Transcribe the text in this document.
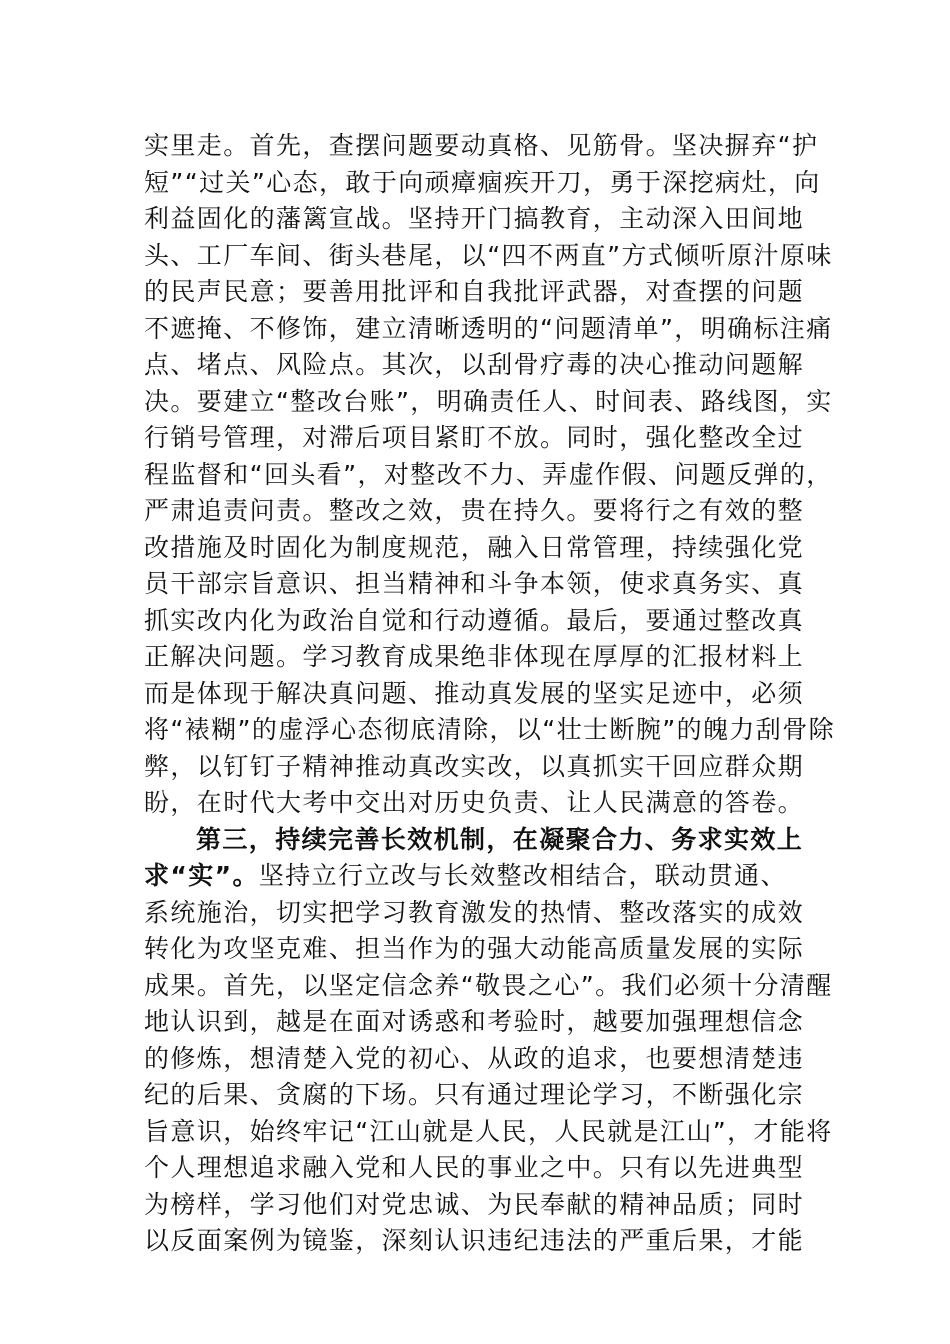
实里走。首先，查摆问题要动真格、见筋骨。坚决摒弃“护
短”“过关”心态，敢于向顽瘴痼疾开刀，勇于深挖病灶，向
利益固化的藩篱宣战。坚持开门搞教育，主动深入田间地
头、工厂车间、街头巷尾，以“四不两直”方式倾听原汁原味
的民声民意；要善用批评和自我批评武器，对查摆的问题
不遮掩、不修饰，建立清晰透明的“问题清单”，明确标注痛
点、堵点、风险点。其次，以刮骨疗毒的决心推动问题解
决。要建立“整改台账”，明确责任人、时间表、路线图，实
行销号管理，对滞后项目紧盯不放。同时，强化整改全过
程监督和“回头看”，对整改不力、弄虚作假、问题反弹的，
严肃追责问责。整改之效，贵在持久。要将行之有效的整
改措施及时固化为制度规范，融入日常管理，持续强化党
员干部宗旨意识、担当精神和斗争本领，使求真务实、真
抓实改内化为政治自觉和行动遵循。最后，要通过整改真
正解决问题。学习教育成果绝非体现在厚厚的汇报材料上
而是体现于解决真问题、推动真发展的坚实足迹中，必须
将“裱糊”的虚浮心态彻底清除，以“壮士断腕”的魄力刮骨除
弊，以钉钉子精神推动真改实改，以真抓实干回应群众期
盼，在时代大考中交出对历史负责、让人民满意的答卷。
第三，持续完善长效机制，在凝聚合力、务求实效上
求“实”。坚持立行立改与长效整改相结合，联动贯通、
系统施治，切实把学习教育激发的热情、整改落实的成效
转化为攻坚克难、担当作为的强大动能高质量发展的实际
成果。首先，以坚定信念养“敬畏之心”。我们必须十分清醒
地认识到，越是在面对诱惑和考验时，越要加强理想信念
的修炼，想清楚入党的初心、从政的追求，也要想清楚违
纪的后果、贪腐的下场。只有通过理论学习，不断强化宗
旨意识，始终牢记“江山就是人民，人民就是江山”，才能将
个人理想追求融入党和人民的事业之中。只有以先进典型
为榜样，学习他们对党忠诚、为民奉献的精神品质；同时
以反面案例为镜鉴，深刻认识违纪违法的严重后果，才能
